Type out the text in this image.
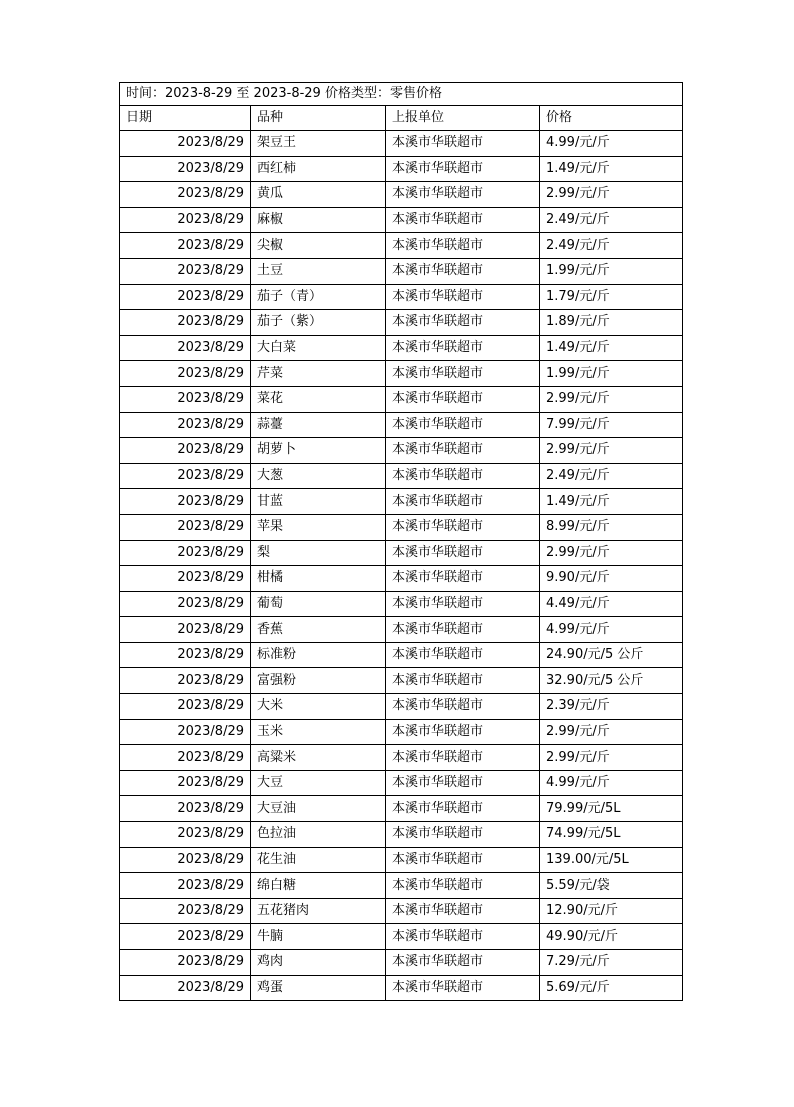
时间：2023-8-29 至 2023-8-29 价格类型：零售价格			
日期	品种	上报单位	价格
2023/8/29	架豆王	本溪市华联超市	4.99/元/斤
2023/8/29	西红柿	本溪市华联超市	1.49/元/斤
2023/8/29	黄瓜	本溪市华联超市	2.99/元/斤
2023/8/29	麻椒	本溪市华联超市	2.49/元/斤
2023/8/29	尖椒	本溪市华联超市	2.49/元/斤
2023/8/29	土豆	本溪市华联超市	1.99/元/斤
2023/8/29	茄子（青）	本溪市华联超市	1.79/元/斤
2023/8/29	茄子（紫）	本溪市华联超市	1.89/元/斤
2023/8/29	大白菜	本溪市华联超市	1.49/元/斤
2023/8/29	芹菜	本溪市华联超市	1.99/元/斤
2023/8/29	菜花	本溪市华联超市	2.99/元/斤
2023/8/29	蒜薹	本溪市华联超市	7.99/元/斤
2023/8/29	胡萝卜	本溪市华联超市	2.99/元/斤
2023/8/29	大葱	本溪市华联超市	2.49/元/斤
2023/8/29	甘蓝	本溪市华联超市	1.49/元/斤
2023/8/29	苹果	本溪市华联超市	8.99/元/斤
2023/8/29	梨	本溪市华联超市	2.99/元/斤
2023/8/29	柑橘	本溪市华联超市	9.90/元/斤
2023/8/29	葡萄	本溪市华联超市	4.49/元/斤
2023/8/29	香蕉	本溪市华联超市	4.99/元/斤
2023/8/29	标准粉	本溪市华联超市	24.90/元/5 公斤
2023/8/29	富强粉	本溪市华联超市	32.90/元/5 公斤
2023/8/29	大米	本溪市华联超市	2.39/元/斤
2023/8/29	玉米	本溪市华联超市	2.99/元/斤
2023/8/29	高粱米	本溪市华联超市	2.99/元/斤
2023/8/29	大豆	本溪市华联超市	4.99/元/斤
2023/8/29	大豆油	本溪市华联超市	79.99/元/5L
2023/8/29	色拉油	本溪市华联超市	74.99/元/5L
2023/8/29	花生油	本溪市华联超市	139.00/元/5L
2023/8/29	绵白糖	本溪市华联超市	5.59/元/袋
2023/8/29	五花猪肉	本溪市华联超市	12.90/元/斤
2023/8/29	牛腩	本溪市华联超市	49.90/元/斤
2023/8/29	鸡肉	本溪市华联超市	7.29/元/斤
2023/8/29	鸡蛋	本溪市华联超市	5.69/元/斤
